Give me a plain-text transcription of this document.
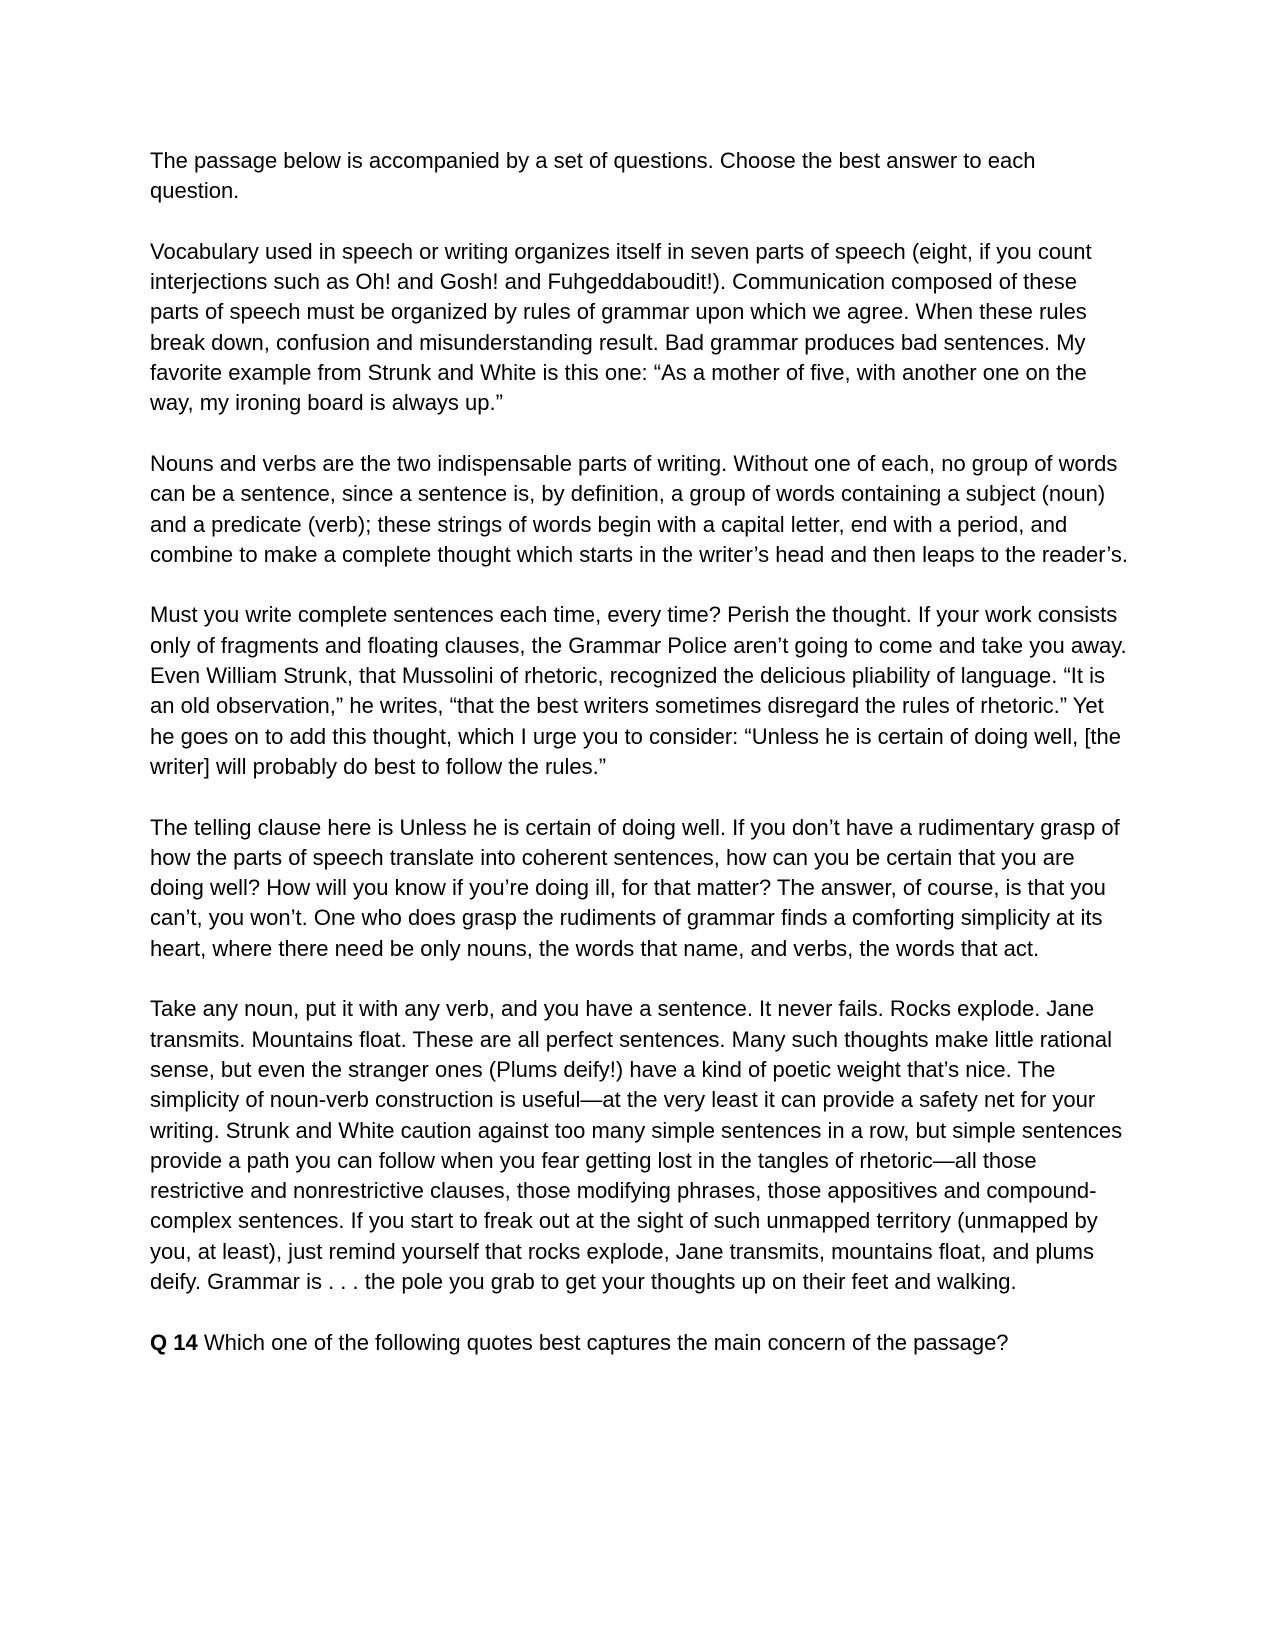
The passage below is accompanied by a set of questions. Choose the best answer to each question.

Vocabulary used in speech or writing organizes itself in seven parts of speech (eight, if you count interjections such as Oh! and Gosh! and Fuhgeddaboudit!). Communication composed of these parts of speech must be organized by rules of grammar upon which we agree. When these rules break down, confusion and misunderstanding result. Bad grammar produces bad sentences. My favorite example from Strunk and White is this one: “As a mother of five, with another one on the way, my ironing board is always up.”

Nouns and verbs are the two indispensable parts of writing. Without one of each, no group of words can be a sentence, since a sentence is, by definition, a group of words containing a subject (noun) and a predicate (verb); these strings of words begin with a capital letter, end with a period, and combine to make a complete thought which starts in the writer’s head and then leaps to the reader’s.

Must you write complete sentences each time, every time? Perish the thought. If your work consists only of fragments and floating clauses, the Grammar Police aren’t going to come and take you away. Even William Strunk, that Mussolini of rhetoric, recognized the delicious pliability of language. “It is an old observation,” he writes, “that the best writers sometimes disregard the rules of rhetoric.” Yet he goes on to add this thought, which I urge you to consider: “Unless he is certain of doing well, [the writer] will probably do best to follow the rules.”

The telling clause here is Unless he is certain of doing well. If you don’t have a rudimentary grasp of how the parts of speech translate into coherent sentences, how can you be certain that you are doing well? How will you know if you’re doing ill, for that matter? The answer, of course, is that you can’t, you won’t. One who does grasp the rudiments of grammar finds a comforting simplicity at its heart, where there need be only nouns, the words that name, and verbs, the words that act.

Take any noun, put it with any verb, and you have a sentence. It never fails. Rocks explode. Jane transmits. Mountains float. These are all perfect sentences. Many such thoughts make little rational sense, but even the stranger ones (Plums deify!) have a kind of poetic weight that’s nice. The simplicity of noun-verb construction is useful—at the very least it can provide a safety net for your writing. Strunk and White caution against too many simple sentences in a row, but simple sentences provide a path you can follow when you fear getting lost in the tangles of rhetoric—all those restrictive and nonrestrictive clauses, those modifying phrases, those appositives and compound-complex sentences. If you start to freak out at the sight of such unmapped territory (unmapped by you, at least), just remind yourself that rocks explode, Jane transmits, mountains float, and plums deify. Grammar is . . . the pole you grab to get your thoughts up on their feet and walking.

Q 14 Which one of the following quotes best captures the main concern of the passage?
